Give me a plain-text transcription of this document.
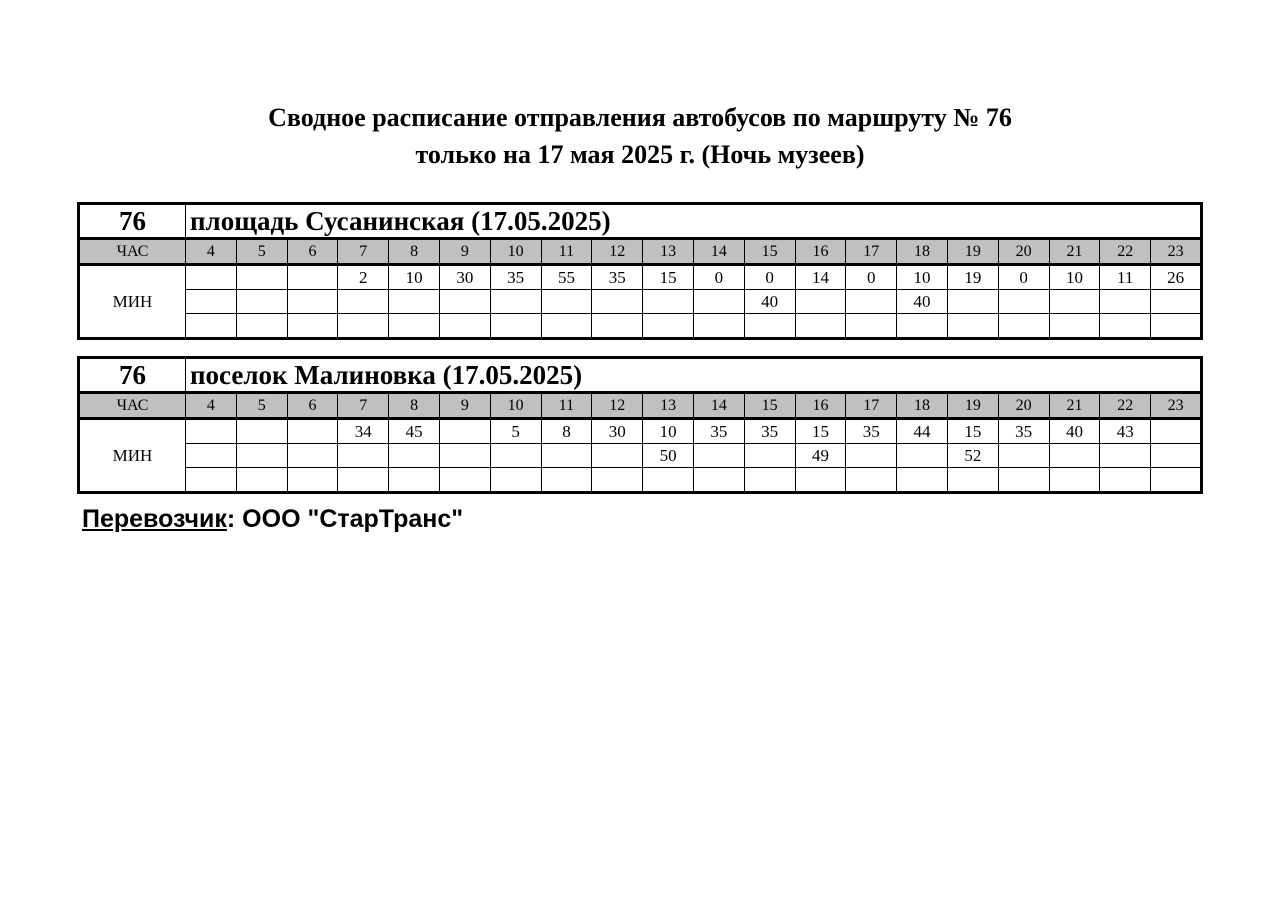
Сводное расписание отправления автобусов по маршруту № 76
только на 17 мая 2025 г. (Ночь музеев)
76	площадь Сусанинская (17.05.2025)																			
ЧАС	4	5	6	7	8	9	10	11	12	13	14	15	16	17	18	19	20	21	22	23
МИН				2	10	30	35	55	35	15	0	0	14	0	10	19	0	10	11	26
												40			40					

76	поселок Малиновка (17.05.2025)																			
ЧАС	4	5	6	7	8	9	10	11	12	13	14	15	16	17	18	19	20	21	22	23
МИН				34	45		5	8	30	10	35	35	15	35	44	15	35	40	43	
										50			49			52				

Перевозчик: ООО "СтарТранс"
